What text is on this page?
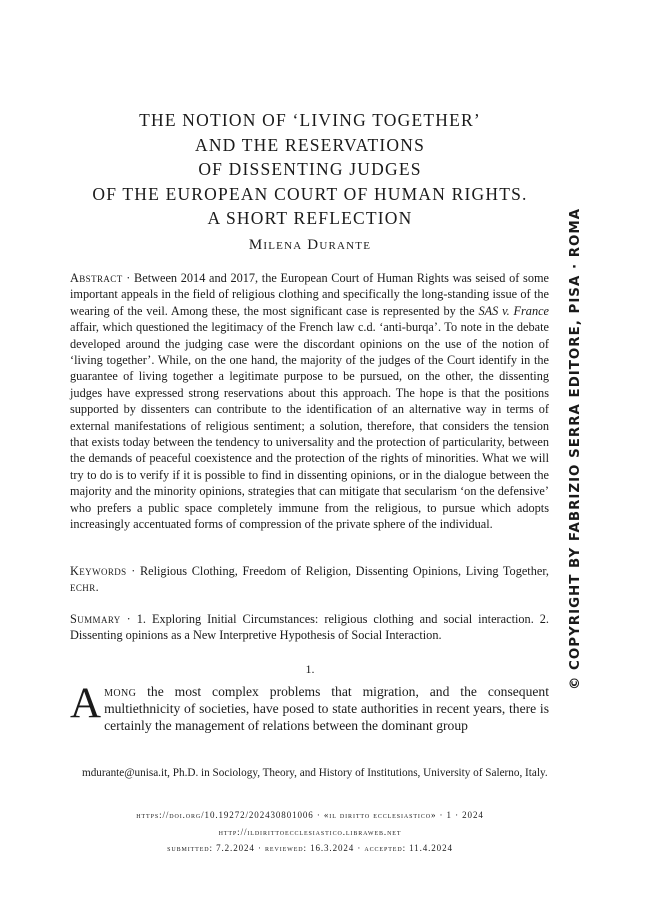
THE NOTION OF ‘LIVING TOGETHER’
AND THE RESERVATIONS
OF DISSENTING JUDGES
OF THE EUROPEAN COURT OF HUMAN RIGHTS.
A SHORT REFLECTION
Milena Durante

Abstract · Between 2014 and 2017, the European Court of Human Rights was seised of some important appeals in the field of religious clothing and specifically the long-standing issue of the wearing of the veil. Among these, the most significant case is represented by the SAS v. France affair, which questioned the legitimacy of the French law c.d. ‘anti-burqa’. To note in the debate developed around the judging case were the discordant opinions on the use of the notion of ‘living together’. While, on the one hand, the majority of the judges of the Court identify in the guarantee of living together a legitimate purpose to be pursued, on the other, the dissenting judges have expressed strong reservations about this approach. The hope is that the positions supported by dissenters can contribute to the identification of an alternative way in terms of external manifestations of religious sentiment; a solution, therefore, that considers the tension that exists today between the tendency to universality and the protection of particularity, between the demands of peaceful coexistence and the protection of the rights of minorities. What we will try to do is to verify if it is possible to find in dissenting opinions, or in the dialogue between the majority and the minority opinions, strategies that can mitigate that secularism ‘on the defensive’ who prefers a public space completely immune from the religious, to pursue which adopts increasingly accentuated forms of compression of the private sphere of the individual.

Keywords · Religious Clothing, Freedom of Religion, Dissenting Opinions, Living Together, echr.

Summary · 1. Exploring Initial Circumstances: religious clothing and social interaction. 2. Dissenting opinions as a New Interpretive Hypothesis of Social Interaction.

1.

Among the most complex problems that migration, and the consequent multiethnicity of societies, have posed to state authorities in recent years, there is certainly the management of relations between the dominant group

mdurante@unisa.it, Ph.D. in Sociology, Theory, and History of Institutions, University of Salerno, Italy.

https://doi.org/10.19272/202430801006 · «il diritto ecclesiastico» · 1 · 2024
http://ildirittoecclesiastico.libraweb.net
submitted: 7.2.2024 · reviewed: 16.3.2024 · accepted: 11.4.2024
© COPYRIGHT BY FABRIZIO SERRA EDITORE, PISA · ROMA
